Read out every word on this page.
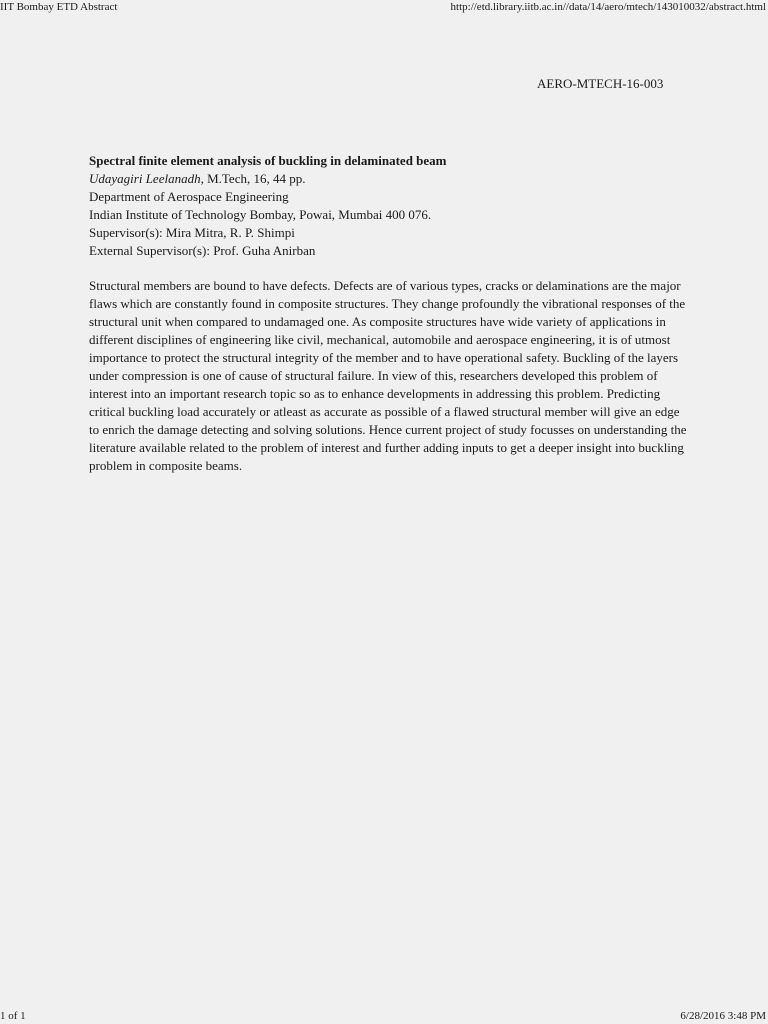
IIT Bombay ETD Abstract	http://etd.library.iitb.ac.in//data/14/aero/mtech/143010032/abstract.html
AERO-MTECH-16-003
Spectral finite element analysis of buckling in delaminated beam
Udayagiri Leelanadh, M.Tech, 16, 44 pp.
Department of Aerospace Engineering
Indian Institute of Technology Bombay, Powai, Mumbai 400 076.
Supervisor(s): Mira Mitra, R. P. Shimpi
External Supervisor(s): Prof. Guha Anirban

Structural members are bound to have defects. Defects are of various types, cracks or delaminations are the major flaws which are constantly found in composite structures. They change profoundly the vibrational responses of the structural unit when compared to undamaged one. As composite structures have wide variety of applications in different disciplines of engineering like civil, mechanical, automobile and aerospace engineering, it is of utmost importance to protect the structural integrity of the member and to have operational safety. Buckling of the layers under compression is one of cause of structural failure. In view of this, researchers developed this problem of interest into an important research topic so as to enhance developments in addressing this problem. Predicting critical buckling load accurately or atleast as accurate as possible of a flawed structural member will give an edge to enrich the damage detecting and solving solutions. Hence current project of study focusses on understanding the literature available related to the problem of interest and further adding inputs to get a deeper insight into buckling problem in composite beams.

1 of 1	6/28/2016 3:48 PM
